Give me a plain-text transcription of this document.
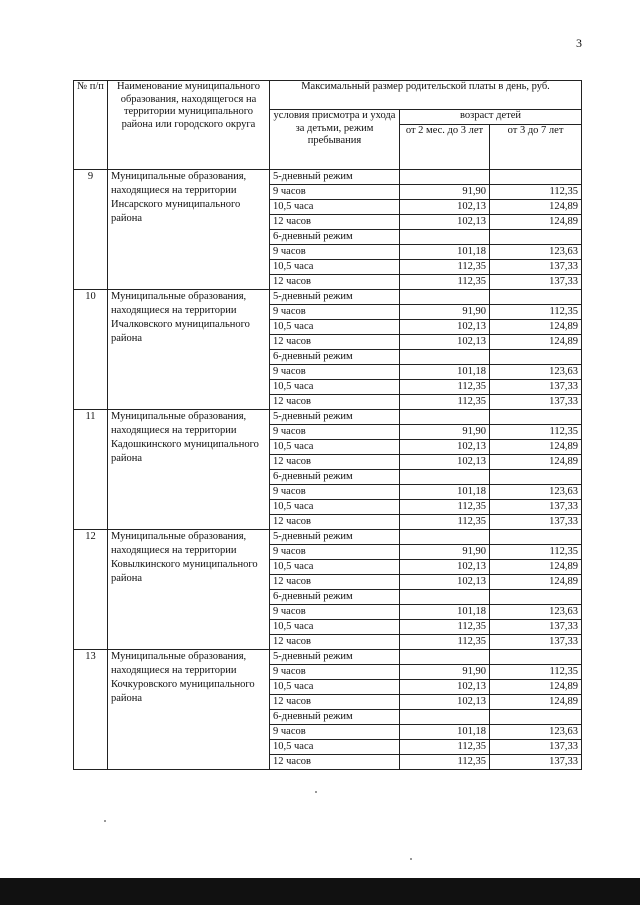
3
№ п/п	Наименование муниципального образования, находящегося на территории муниципального района или городского округа	Максимальный размер родительской платы в день, руб.		
		условия присмотра и ухода за детьми, режим пребывания	возраст детей	
			от 2 мес. до 3 лет	от 3 до 7 лет
9	Муниципальные образования, находящиеся на территории Инсарского муниципального района	5-дневный режим		
		9 часов	91,90	112,35
		10,5 часа	102,13	124,89
		12 часов	102,13	124,89
		6-дневный режим		
		9 часов	101,18	123,63
		10,5 часа	112,35	137,33
		12 часов	112,35	137,33
10	Муниципальные образования, находящиеся на территории Ичалковского муниципального района	5-дневный режим		
		9 часов	91,90	112,35
		10,5 часа	102,13	124,89
		12 часов	102,13	124,89
		6-дневный режим		
		9 часов	101,18	123,63
		10,5 часа	112,35	137,33
		12 часов	112,35	137,33
11	Муниципальные образования, находящиеся на территории Кадошкинского муниципального района	5-дневный режим		
		9 часов	91,90	112,35
		10,5 часа	102,13	124,89
		12 часов	102,13	124,89
		6-дневный режим		
		9 часов	101,18	123,63
		10,5 часа	112,35	137,33
		12 часов	112,35	137,33
12	Муниципальные образования, находящиеся на территории Ковылкинского муниципального района	5-дневный режим		
		9 часов	91,90	112,35
		10,5 часа	102,13	124,89
		12 часов	102,13	124,89
		6-дневный режим		
		9 часов	101,18	123,63
		10,5 часа	112,35	137,33
		12 часов	112,35	137,33
13	Муниципальные образования, находящиеся на территории Кочкуровского муниципального района	5-дневный режим		
		9 часов	91,90	112,35
		10,5 часа	102,13	124,89
		12 часов	102,13	124,89
		6-дневный режим		
		9 часов	101,18	123,63
		10,5 часа	112,35	137,33
		12 часов	112,35	137,33
